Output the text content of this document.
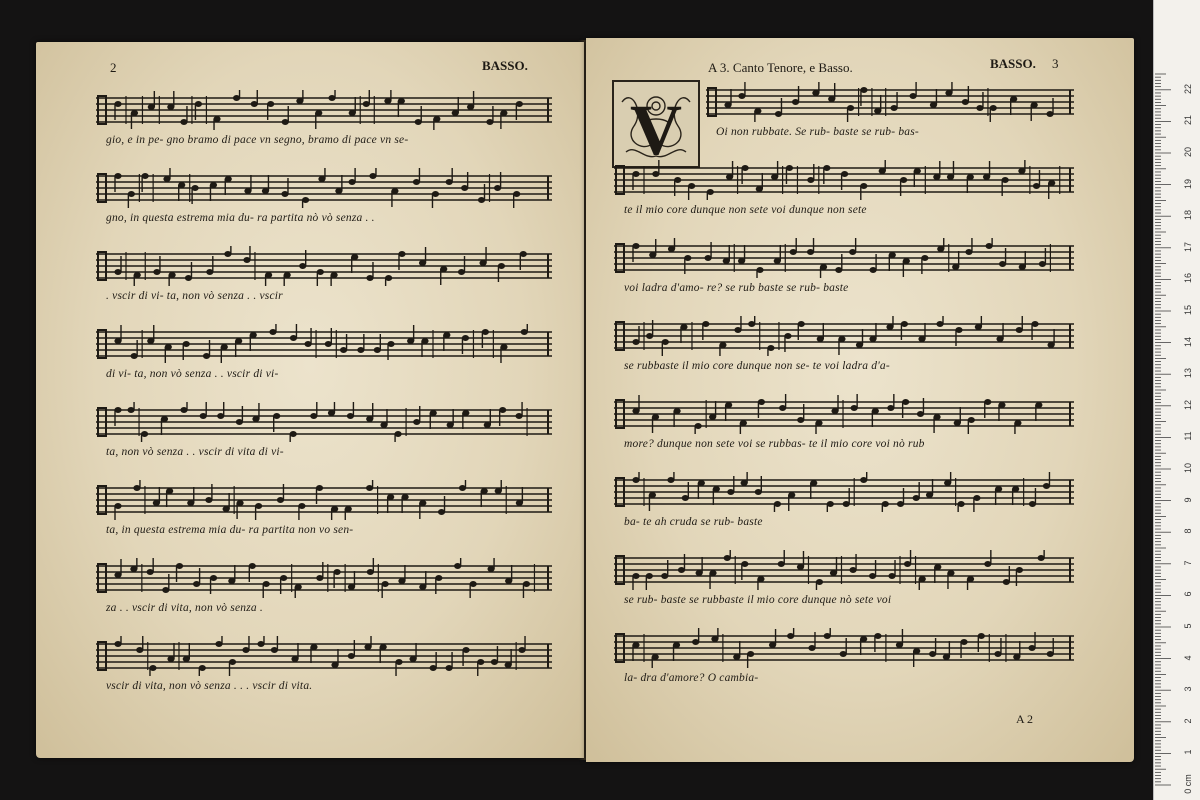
2	BASSO.
gio, e in pe- gno bramo di pace vn segno, bramo di pace vn se-
gno, in questa estrema mia du- ra partita nò vò senza . .
. vscir di vi- ta, non vò senza . . vscir
di vi- ta, non vò senza . . vscir di vi-
ta, non vò senza . . vscir di vita di vi-
ta, in questa estrema mia du- ra partita non vo sen-
za . . vscir di vita, non vò senza .
vscir di vita, non vò senza . . . vscir di vita.
A 3. Canto Tenore, e Basso.	BASSO. 3
V	Oi non rubbate. Se rub- baste se rub- bas-
te il mio core dunque non sete voi dunque non sete
voi ladra d'amo- re? se rub baste se rub- baste
se rubbaste il mio core dunque non se- te voi ladra d'a-
more? dunque non sete voi se rubbas- te il mio core voi nò rub
ba- te ah cruda se rub- baste
se rub- baste se rubbaste il mio core dunque nò sete voi
la- dra d'amore? O cambia-
A 2
0 cm
1
2
3
4
5
6
7
8
9
10
11
12
13
14
15
16
17
18
19
20
21
22
